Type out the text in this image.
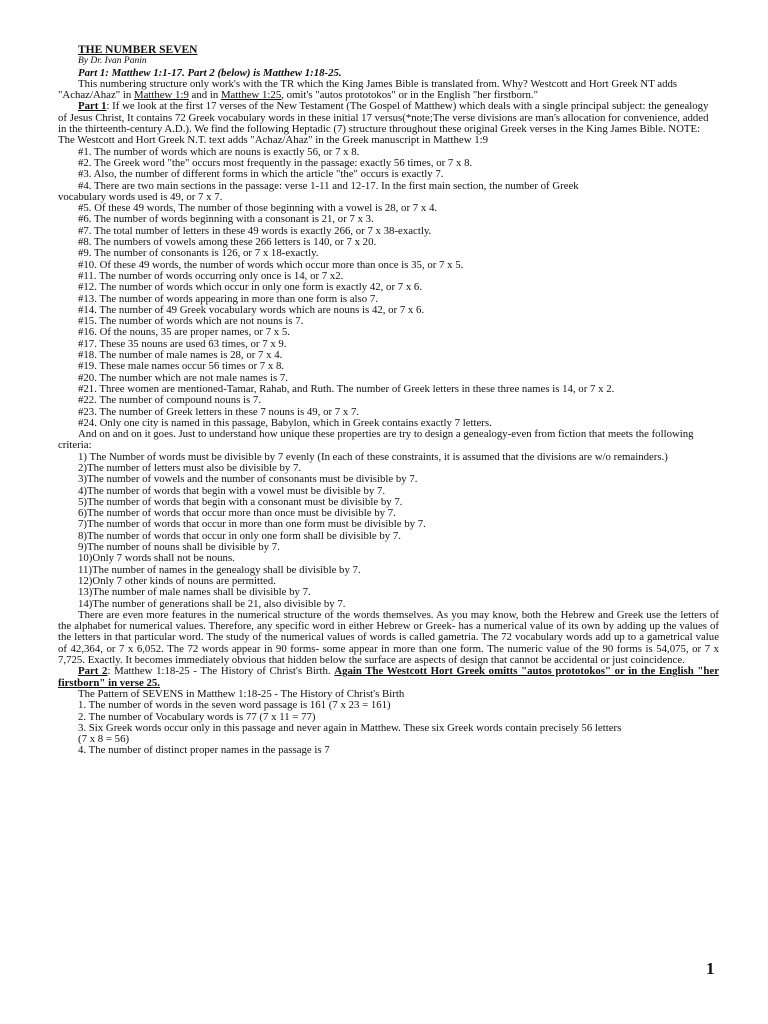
THE NUMBER SEVEN

By Dr. Ivan Panin

Part 1: Matthew 1:1-17. Part 2 (below) is Matthew 1:18-25.

This numbering structure only work's with the TR which the King James Bible is translated from. Why? Westcott and Hort Greek NT adds "Achaz/Ahaz" in Matthew 1:9 and in Matthew 1:25, omit's "autos prototokos" or in the English "her firstborn."

Part 1: If we look at the first 17 verses of the New Testament (The Gospel of Matthew) which deals with a single principal subject: the genealogy of Jesus Christ, It contains 72 Greek vocabulary words in these initial 17 versus(*note;The verse divisions are man's allocation for convenience, added in the thirteenth-century A.D.). We find the following Heptadic (7) structure throughout these original Greek verses in the King James Bible. NOTE: The Westcott and Hort Greek N.T. text adds "Achaz/Ahaz" in the Greek manuscript in Matthew 1:9

#1. The number of words which are nouns is exactly 56, or 7 x 8.

#2. The Greek word "the" occurs most frequently in the passage: exactly 56 times, or 7 x 8.

#3. Also, the number of different forms in which the article "the" occurs is exactly 7.

#4. There are two main sections in the passage: verse 1-11 and 12-17. In the first main section, the number of Greek

vocabulary words used is 49, or 7 x 7.

#5. Of these 49 words, The number of those beginning with a vowel is 28, or 7 x 4.

#6. The number of words beginning with a consonant is 21, or 7 x 3.

#7. The total number of letters in these 49 words is exactly 266, or 7 x 38-exactly.

#8. The numbers of vowels among these 266 letters is 140, or 7 x 20.

#9. The number of consonants is 126, or 7 x 18-exactly.

#10. Of these 49 words, the number of words which occur more than once is 35, or 7 x 5.

#11. The number of words occurring only once is 14, or 7 x2.

#12. The number of words which occur in only one form is exactly 42, or 7 x 6.

#13. The number of words appearing in more than one form is also 7.

#14. The number of 49 Greek vocabulary words which are nouns is 42, or 7 x 6.

#15. The number of words which are not nouns is 7.

#16. Of the nouns, 35 are proper names, or 7 x 5.

#17. These 35 nouns are used 63 times, or 7 x 9.

#18. The number of male names is 28, or 7 x 4.

#19. These male names occur 56 times or 7 x 8.

#20. The number which are not male names is 7.

#21. Three women are mentioned-Tamar, Rahab, and Ruth. The number of Greek letters in these three names is 14, or 7 x 2.

#22. The number of compound nouns is 7.

#23. The number of Greek letters in these 7 nouns is 49, or 7 x 7.

#24. Only one city is named in this passage, Babylon, which in Greek contains exactly 7 letters.

And on and on it goes. Just to understand how unique these properties are try to design a genealogy-even from fiction that meets the following criteria:

1) The Number of words must be divisible by 7 evenly (In each of these constraints, it is assumed that the divisions are w/o remainders.)

2)The number of letters must also be divisible by 7.

3)The number of vowels and the number of consonants must be divisible by 7.

4)The number of words that begin with a vowel must be divisible by 7.

5)The number of words that begin with a consonant must be divisible by 7.

6)The number of words that occur more than once must be divisible by 7.

7)The number of words that occur in more than one form must be divisible by 7.

8)The number of words that occur in only one form shall be divisible by 7.

9)The number of nouns shall be divisible by 7.

10)Only 7 words shall not be nouns.

11)The number of names in the genealogy shall be divisible by 7.

12)Only 7 other kinds of nouns are permitted.

13)The number of male names shall be divisible by 7.

14)The number of generations shall be 21, also divisible by 7.

There are even more features in the numerical structure of the words themselves. As you may know, both the Hebrew and Greek use the letters of the alphabet for numerical values. Therefore, any specific word in either Hebrew or Greek- has a numerical value of its own by adding up the values of the letters in that particular word. The study of the numerical values of words is called gametria. The 72 vocabulary words add up to a gametrical value of 42,364, or 7 x 6,052. The 72 words appear in 90 forms- some appear in more than one form. The numeric value of the 90 forms is 54,075, or 7 x 7,725. Exactly. It becomes immediately obvious that hidden below the surface are aspects of design that cannot be accidental or just coincidence.

Part 2: Matthew 1:18-25 - The History of Christ's Birth. Again The Westcott Hort Greek omitts "autos prototokos" or in the English "her firstborn" in verse 25.

The Pattern of SEVENS in Matthew 1:18-25 - The History of Christ's Birth

1. The number of words in the seven word passage is 161 (7 x 23 = 161)

2. The number of Vocabulary words is 77 (7 x 11 = 77)

3. Six Greek words occur only in this passage and never again in Matthew. These six Greek words contain precisely 56 letters

(7 x 8 = 56)

4. The number of distinct proper names in the passage is 7

1
